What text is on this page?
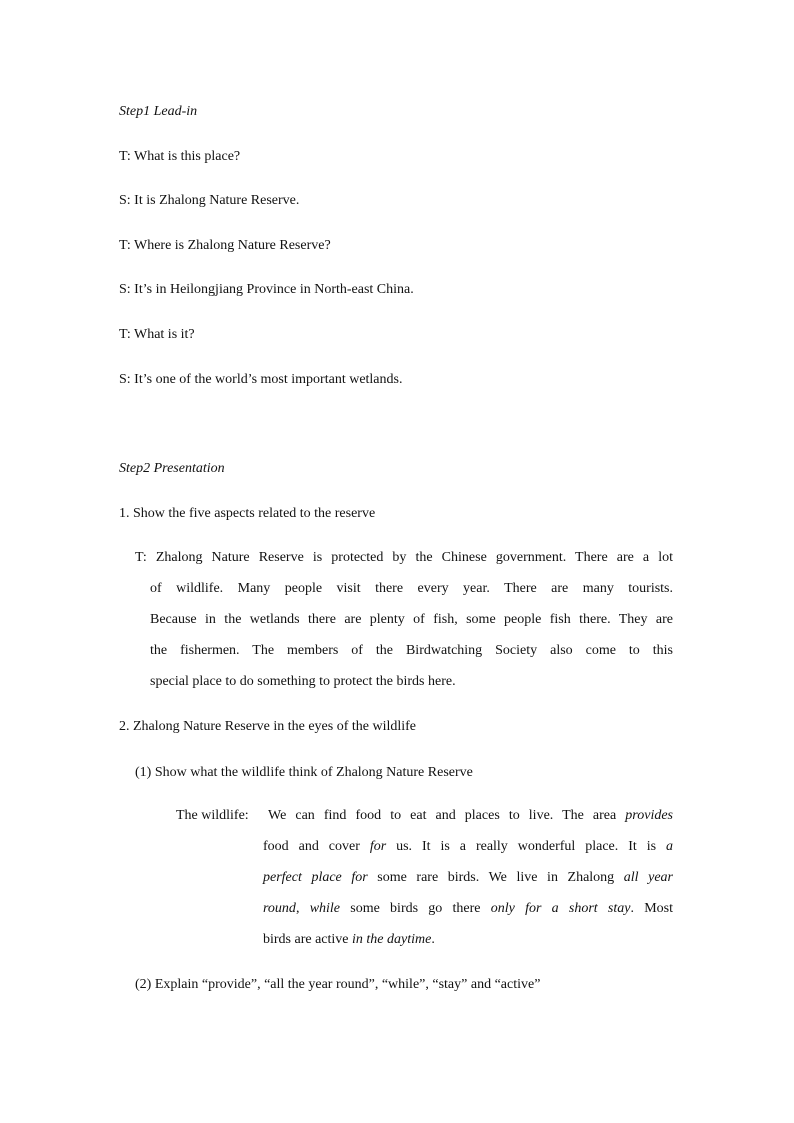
Step1 Lead-in
T: What is this place?
S: It is Zhalong Nature Reserve.
T: Where is Zhalong Nature Reserve?
S: It’s in Heilongjiang Province in North-east China.
T: What is it?
S: It’s one of the world’s most important wetlands.
Step2 Presentation
1. Show the five aspects related to the reserve
T: Zhalong Nature Reserve is protected by the Chinese government. There are a lot
of wildlife. Many people visit there every year. There are many tourists.
Because in the wetlands there are plenty of fish, some people fish there. They are
the fishermen. The members of the Birdwatching Society also come to this
special place to do something to protect the birds here.
2. Zhalong Nature Reserve in the eyes of the wildlife
(1) Show what the wildlife think of Zhalong Nature Reserve
The wildlife: We can find food to eat and places to live. The area provides
food and cover for us. It is a really wonderful place. It is a
perfect place for some rare birds. We live in Zhalong all year
round, while some birds go there only for a short stay. Most
birds are active in the daytime.
(2) Explain “provide”, “all the year round”, “while”, “stay” and “active”
